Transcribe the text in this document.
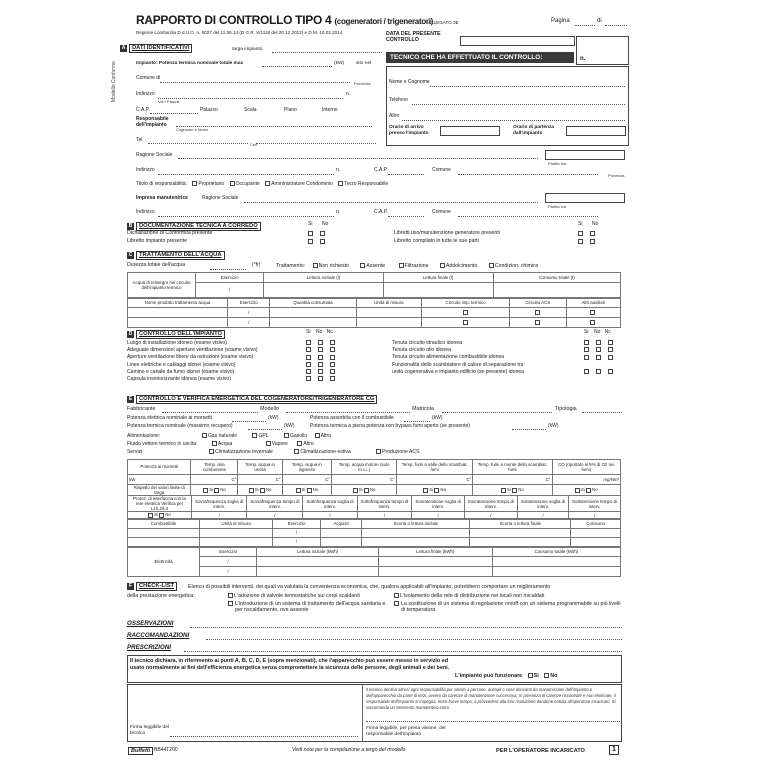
RAPPORTO DI CONTROLLO TIPO 4 (cogeneratori / trigeneratori)
ALLEGATO 3E	Pagina	di
Regione Lombardia D.d.U.O. n. 5027 del 11.06.14 (D.G.R. X/1118 del 20.12.2013) e D.M. 10.02.2014
Modello Conforme
DATA DEL PRESENTE CONTROLLO
TECNICO CHE HA EFFETTUATO IL CONTROLLO:	n.
Nome e Cognome
Telefono
Altro
Orario di arrivo presso l'impianto
Orario di partenza dall'impianto
A	DATI IDENTIFICATIVI	targa impianto
Impianto: Potenza termica nominale totale max	(kW) sito nel
Comune di
Provincia
Indirizzo
Via / Piazza
n.
C.A.P.	Palazzo	Scala	Piano	Interno
Responsabile dell'impianto
Cognome e Nome
Tel
Cell
Ragione Sociale
Partita Iva
Indirizzo	n.	C.A.P.	Comune
Provincia
Titolo di responsabilità: Proprietario Occupante Amministratore Condominio Terzo Responsabile
Impresa manutentrice	Ragione Sociale
Partita Iva
Indirizzo	n.	C.A.P.	Comune
B	DOCUMENTAZIONE TECNICA A CORREDO	Si No	Si No
Dichiarazione di Conformità presente
Libretto impianto presente
Libretti uso/manutenzione generatore presenti
Libretto compilato in tutte le sue parti
C	TRATTAMENTO DELL'ACQUA
Durezza totale dell'acqua	(°fr)	Trattamento:	Non richiesto	Assente	Filtrazione	Addolcimento	Condizion. chimico
Acqua di reintegro nel circuito dell'impianto termico	Esercizio	Lettura iniziale (l)	Lettura finale (l)	Consumo totale (l)
	/			
Nome prodotto trattamento acqua	Esercizio	Quantità consumata	Unità di misura	Circuito imp. termico	Circuito ACS	Altri ausiliari
	/					
	/					
D	CONTROLLO DELL'IMPIANTO	Si No Nc	Si No Nc
Luogo di installazione idoneo (esame visivo)
Adeguate dimensioni aperture ventilazione (esame visivo)
Aperture ventilazione libere da ostruzioni (esame visivo)
Linee elettriche e cablaggi idonei (esame visivo)
Camino e canale da fumo idonei (esame visivo)
Capsula insonorizzante idonea (esame visivo)
Tenuta circuito idraulico idonea
Tenuta circuito olio idonea
Tenuta circuito alimentazione combustibile idonea
Funzionalità dello scambiatore di calore di separazione tra
unità cogenerativa e impianto edificio (se presente) idonea

E	CONTROLLO E VERIFICA ENERGETICA DEL COGENERATORE/TRIGENERATORE CG
Fabbricante	Modello	Matricola	Tipologia
Potenza elettrica nominale ai morsetti	(kW)	Potenza assorbita con il combustibile	(kW)
Potenza termica nominale (massimo recupero)	(kW)	Potenza termica a piena potenza con bypass fumi aperto (se presente)	(kW)
Alimentazione:	Gas naturale	GPL	Gasolio	Altro
Fluido vettore termico in uscita:	Acqua	Vapore	Altro
Servizi:	Climatizzazione invernale	Climatizzazione estiva	Produzione ACS
Potenza ai morsetti	Temp. aria comburente	Temp. acqua in uscita	Temp. acqua in ingresso	Temp. acqua motore (solo m.c.i.)	Temp. fumi a valle dello scambiat. fumi	Temp. fumi a monte dello scambiat. fumi	CO (riportato al 5% di O2 nei fumi)
kW	C°	C°	C°	C°	C°	C°	mg/Nm³
Rispetto dei valori limite di targa	Si No	Si No	Si No	Si No	Si No	Si No	Si No
Protez. di interfaccia con la rete elettrica Verifica per L1/L2/L3	Sovrafrequenza soglia di interv.	Sovrafrequenza tempo di interv.	Sottofrequenza soglia di interv.	Sottofrequenza tempo di interv.	Sovratensione soglia di interv.	Sovratensione tempo di interv.	Sottotensione soglia di interv.	Sottotensione tempo di interv.
Si No	/	/	/	/	/	/	/	/
Combustibile	Unità di misura	Esercizio	Acquisti	Scorta o lettura iniziale	Scorta o lettura finale	Consumo
		/				
		/				
Elettricità	Esercizio	Lettura iniziale (kWh)	Lettura finale (kWh)	Consumo totale (kWh)
	/			
	/			
F	CHECK-LIST	Elenco di possibili interventi, dei quali va valutata la convenienza economica, che, qualora applicabili all'impianto, potrebbero comportare un miglioramento
della prestazione energetica:	L'adozione di valvole termostatiche sui corpi scaldanti
L'introduzione di un sistema di trattamento dell'acqua sanitaria e per riscaldamento, ove assente
L'isolamento della rete di distribuzione nei locali non riscaldati
La sostituzione di un sistema di regolazione on/off con un sistema programmabile su più livelli di temperatura
OSSERVAZIONI
RACCOMANDAZIONI
PRESCRIZIONI
Il tecnico dichiara, in riferimento ai punti A, B, C, D, E (sopra menzionati), che l'apparecchio può essere messo in servizio ed usato normalmente ai fini dell'efficienza energetica senza compromettere la sicurezza delle persone, degli animali e dei beni.
L'impianto può funzionare Si No
Il tecnico declina altresì ogni responsabilità per sinistri a persone, animali o cose derivanti da manomissioni dell'impianto o dell'apparecchio da parte di terzi, ovvero da carenze di manutenzione successiva. In presenza di carenze riscontrate e non eliminate, il responsabile dell'impianto si impegna, entro breve tempo, a provvedere alla loro risoluzione dandone notizia all'operatore incaricato. Si raccomanda un intervento manutentivo entro
Firma leggibile del tecnico
Firma leggibile, per presa visione, del responsabile dell'impianto
Buffetti BB44T200	Vedi note per la compilazione a tergo del modello	PER L'OPERATORE INCARICATO	1
